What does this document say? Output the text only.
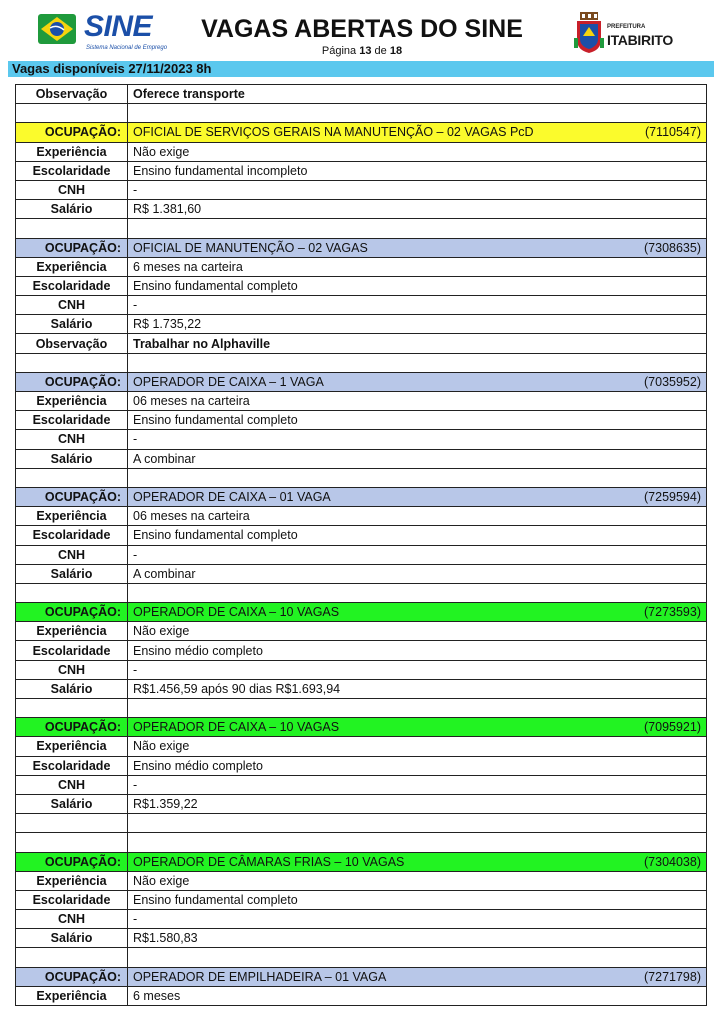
SINE
Sistema Nacional de Emprego
VAGAS ABERTAS DO SINE
Página 13 de 18
PREFEITURA
ITABIRITO
Vagas disponíveis 27/11/2023 8h
Observação	Oferece transporte

OCUPAÇÃO:	OFICIAL DE SERVIÇOS GERAIS NA MANUTENÇÃO – 02 VAGAS PcD (7110547)

Experiência	Não exige
Escolaridade	Ensino fundamental incompleto
CNH	-
Salário	R$ 1.381,60

OCUPAÇÃO:	OFICIAL DE MANUTENÇÃO – 02 VAGAS (7308635)

Experiência	6 meses na carteira
Escolaridade	Ensino fundamental completo
CNH	-
Salário	R$ 1.735,22
Observação	Trabalhar no Alphaville

OCUPAÇÃO:	OPERADOR DE CAIXA – 1 VAGA (7035952)

Experiência	06 meses na carteira
Escolaridade	Ensino fundamental completo
CNH	-
Salário	A combinar

OCUPAÇÃO:	OPERADOR DE CAIXA – 01 VAGA (7259594)

Experiência	06 meses na carteira
Escolaridade	Ensino fundamental completo
CNH	-
Salário	A combinar

OCUPAÇÃO:	OPERADOR DE CAIXA – 10 VAGAS (7273593)

Experiência	Não exige
Escolaridade	Ensino médio completo
CNH	-
Salário	R$1.456,59 após 90 dias R$1.693,94

OCUPAÇÃO:	OPERADOR DE CAIXA – 10 VAGAS (7095921)

Experiência	Não exige
Escolaridade	Ensino médio completo
CNH	-
Salário	R$1.359,22

OCUPAÇÃO:	OPERADOR DE CÂMARAS FRIAS – 10 VAGAS (7304038)

Experiência	Não exige
Escolaridade	Ensino fundamental completo
CNH	-
Salário	R$1.580,83

OCUPAÇÃO:	OPERADOR DE EMPILHADEIRA – 01 VAGA (7271798)

Experiência	6 meses
